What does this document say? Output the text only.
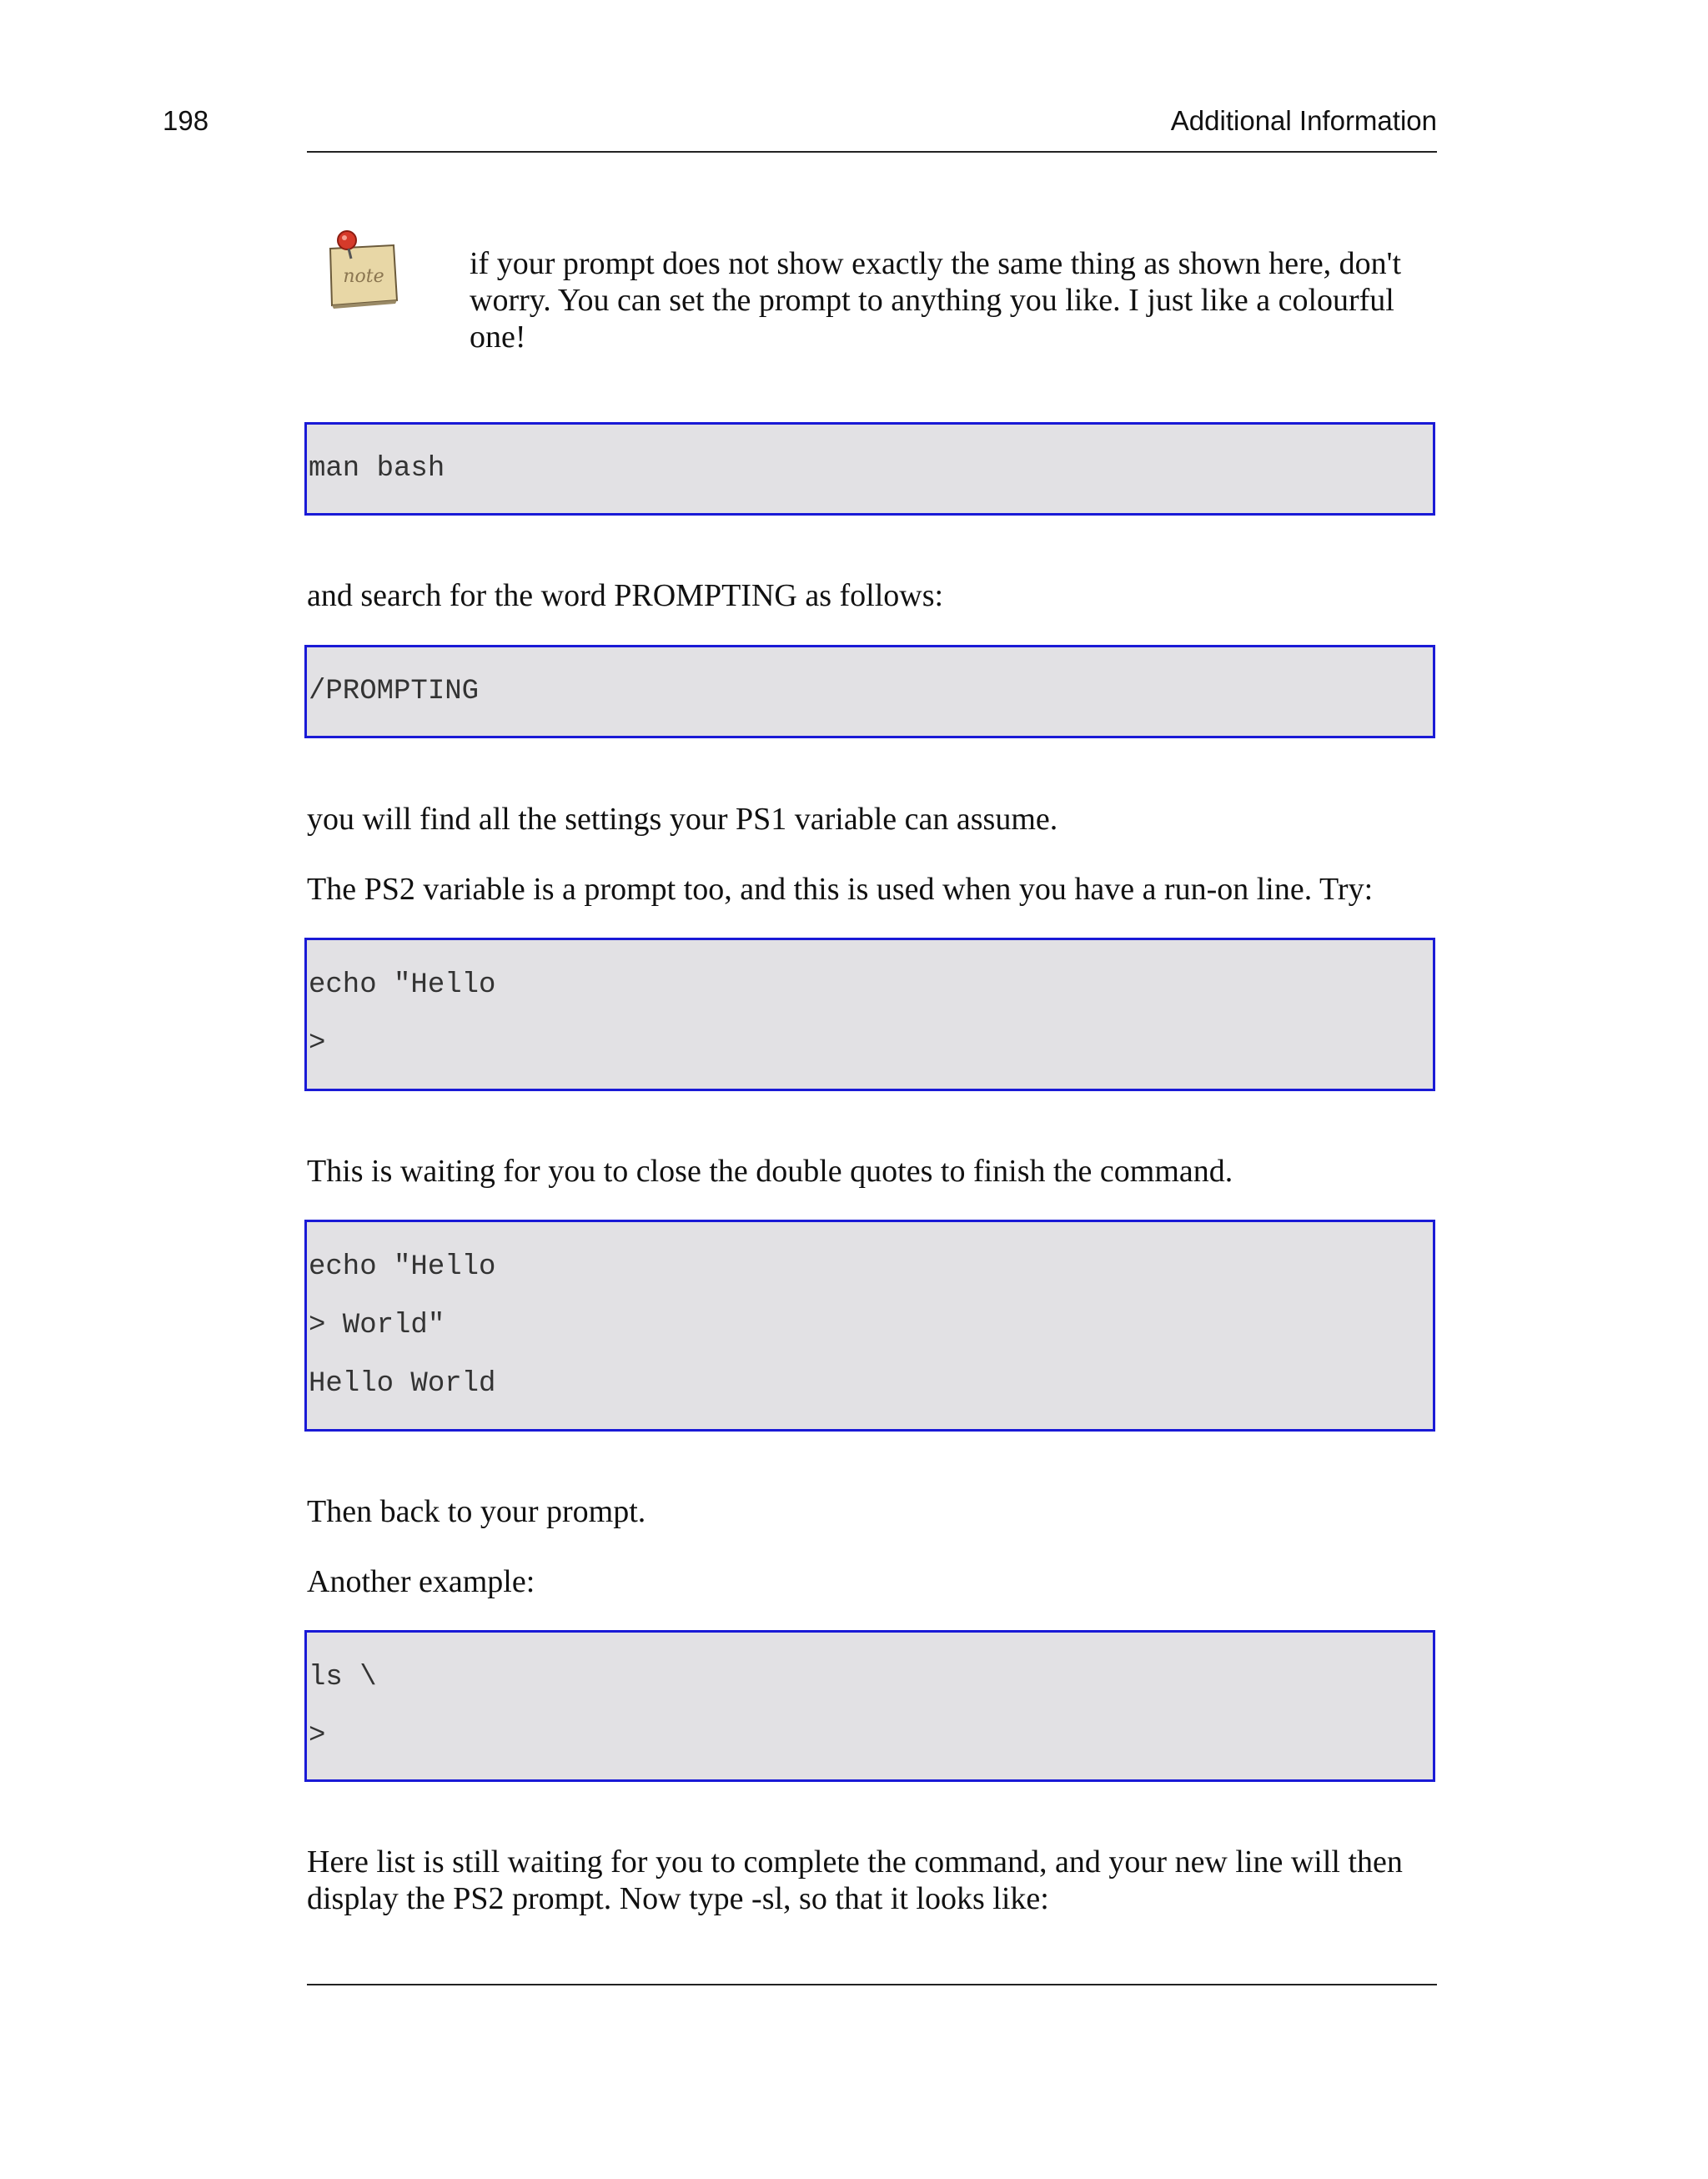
198	Additional Information
note	if your prompt does not show exactly the same thing as shown here, don't worry. You can set the prompt to anything you like. I just like a colourful one!
man bash
and search for the word PROMPTING as follows:
/PROMPTING
you will find all the settings your PS1 variable can assume.
The PS2 variable is a prompt too, and this is used when you have a run-on line. Try:
echo "Hello
>
This is waiting for you to close the double quotes to finish the command.
echo "Hello
> World"
Hello World
Then back to your prompt.
Another example:
ls \
>
Here list is still waiting for you to complete the command, and your new line will then display the PS2 prompt. Now type -sl, so that it looks like:
